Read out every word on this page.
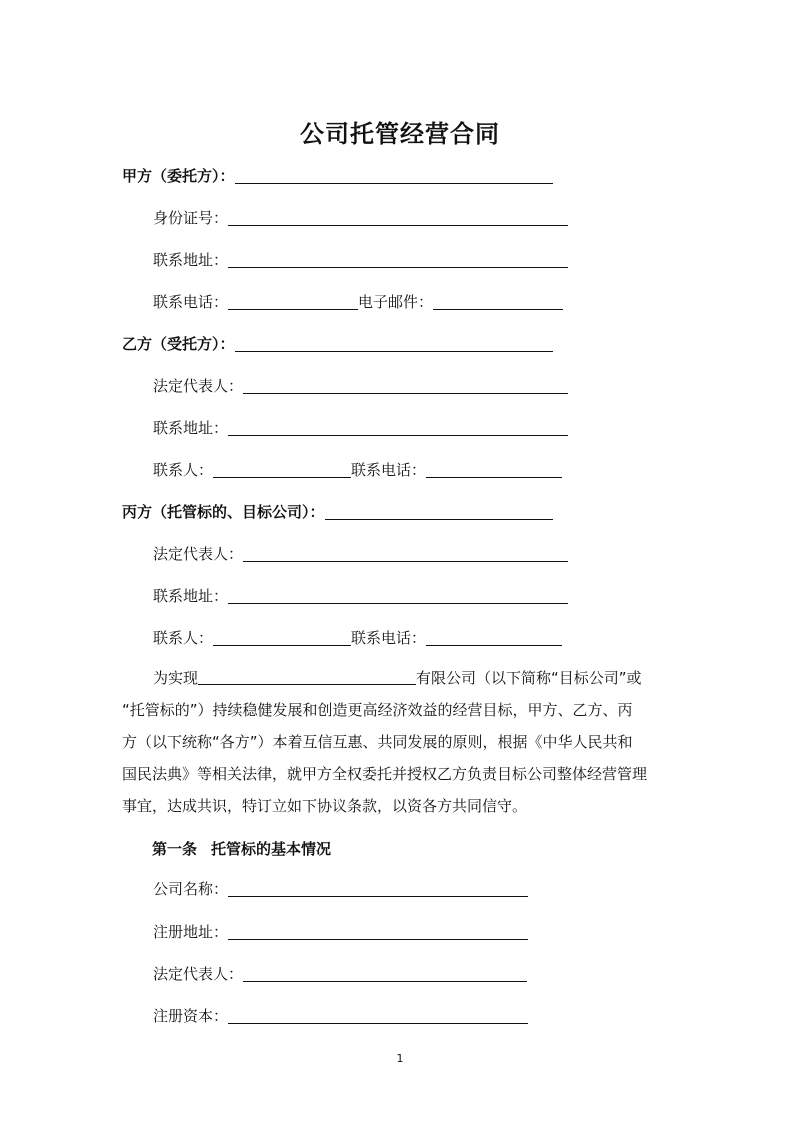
公司托管经营合同
甲方（委托方）：
身份证号：
联系地址：
联系电话：	电子邮件：
乙方（受托方）：
法定代表人：
联系地址：
联系人：	联系电话：
丙方（托管标的、目标公司）：
法定代表人：
联系地址：
联系人：	联系电话：
为实现	有限公司（以下简称“目标公司”或
“托管标的”）持续稳健发展和创造更高经济效益的经营目标，甲方、乙方、丙
方（以下统称“各方”）本着互信互惠、共同发展的原则，根据《中华人民共和
国民法典》等相关法律，就甲方全权委托并授权乙方负责目标公司整体经营管理
事宜，达成共识，特订立如下协议条款，以资各方共同信守。
第一条 托管标的基本情况
公司名称：
注册地址：
法定代表人：
注册资本：
1
